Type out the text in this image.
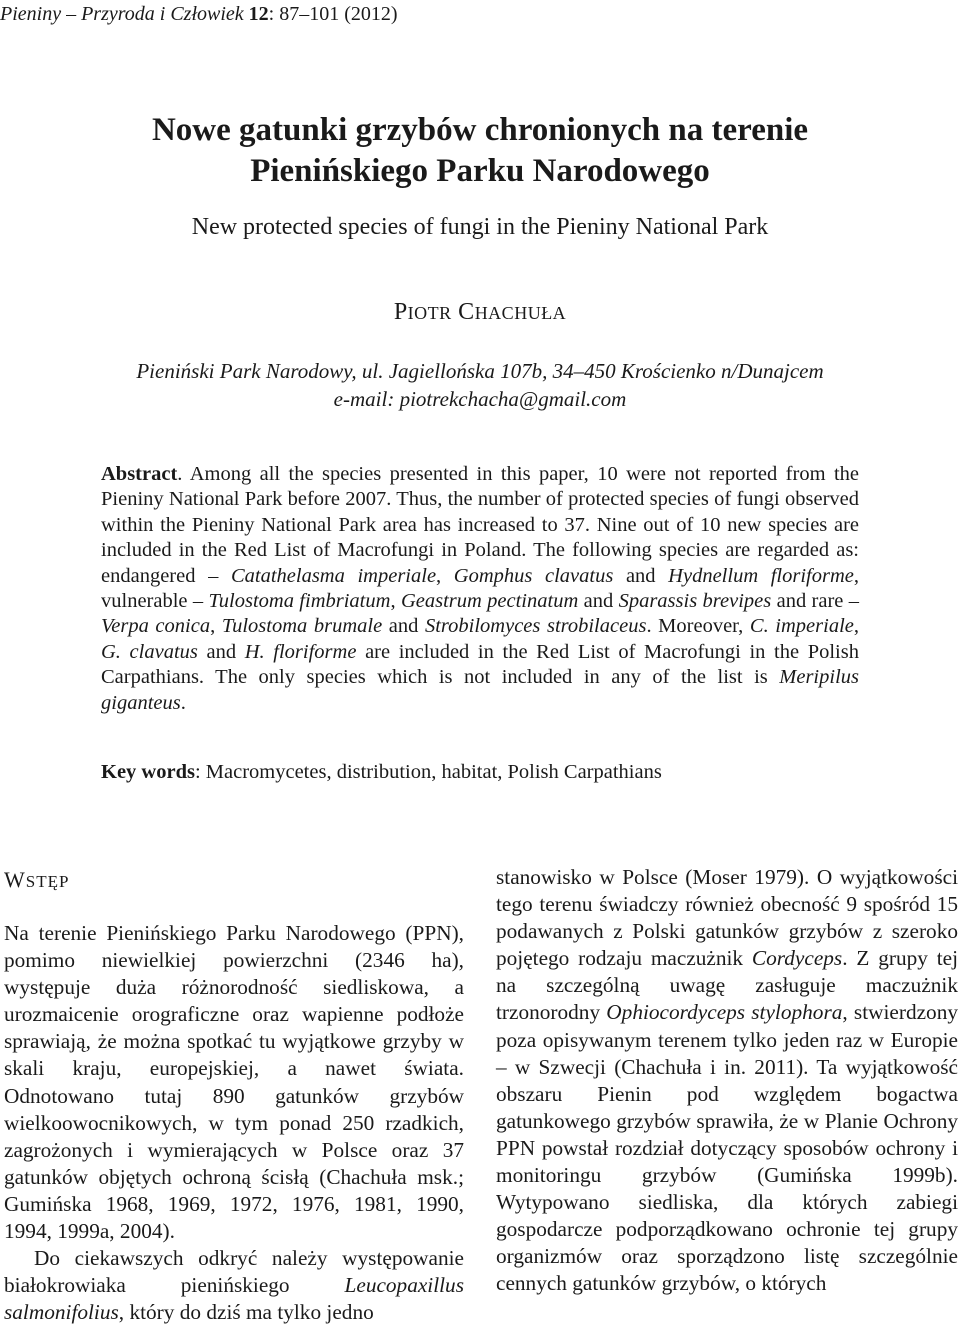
Pieniny – Przyroda i Człowiek 12: 87–101 (2012)
Nowe gatunki grzybów chronionych na terenie
Pienińskiego Parku Narodowego
New protected species of fungi in the Pieniny National Park
PIOTR CHACHUŁA
Pieniński Park Narodowy, ul. Jagiellońska 107b, 34–450 Krościenko n/Dunajcem
e-mail: piotrekchacha@gmail.com

Abstract. Among all the species presented in this paper, 10 were not reported from the Pieniny National Park before 2007. Thus, the number of protected species of fungi observed within the Pieniny National Park area has increased to 37. Nine out of 10 new species are included in the Red List of Macrofungi in Poland. The following species are regarded as: endangered – Catathelasma imperiale, Gomphus clavatus and Hydnellum floriforme, vulnerable – Tulostoma fimbriatum, Geastrum pectinatum and Sparassis brevipes and rare – Verpa conica, Tulostoma brumale and Strobilomyces strobilaceus. Moreover, C. imperiale, G. clavatus and H. floriforme are included in the Red List of Macrofungi in the Polish Carpathians. The only species which is not included in any of the list is Meripilus giganteus.

Key words: Macromycetes, distribution, habitat, Polish Carpathians
WSTĘP

Na terenie Pienińskiego Parku Narodowego (PPN), pomimo niewielkiej powierzchni (2346 ha), występuje duża różnorodność siedliskowa, a urozmaicenie orograficzne oraz wapienne podłoże sprawiają, że można spotkać tu wyjątkowe grzyby w skali kraju, europejskiej, a nawet świata. Odnotowano tutaj 890 gatunków grzybów wielkoowocnikowych, w tym ponad 250 rzadkich, zagrożonych i wymierających w Polsce oraz 37 gatunków objętych ochroną ścisłą (Chachuła msk.; Gumińska 1968, 1969, 1972, 1976, 1981, 1990, 1994, 1999a, 2004).

Do ciekawszych odkryć należy występowanie białokrowiaka pienińskiego Leucopaxillus salmonifolius, który do dziś ma tylko jedno

stanowisko w Polsce (Moser 1979). O wyjątkowości tego terenu świadczy również obecność 9 spośród 15 podawanych z Polski gatunków grzybów z szeroko pojętego rodzaju maczużnik Cordyceps. Z grupy tej na szczególną uwagę zasługuje maczużnik trzonorodny Ophiocordyceps stylophora, stwierdzony poza opisywanym terenem tylko jeden raz w Europie – w Szwecji (Chachuła i in. 2011). Ta wyjątkowość obszaru Pienin pod względem bogactwa gatunkowego grzybów sprawiła, że w Planie Ochrony PPN powstał rozdział dotyczący sposobów ochrony i monitoringu grzybów (Gumińska 1999b). Wytypowano siedliska, dla których zabiegi gospodarcze podporządkowano ochronie tej grupy organizmów oraz sporządzono listę szczególnie cennych gatunków grzybów, o których
